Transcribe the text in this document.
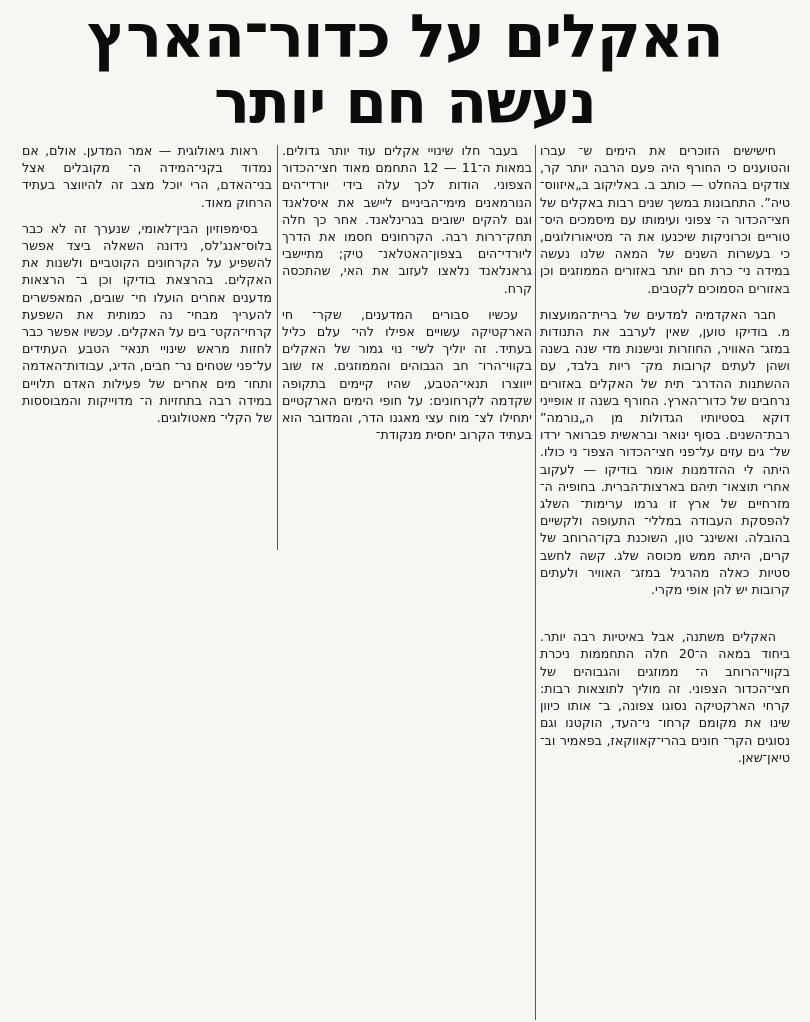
האקלים על כדור־הארץ
נעשה חם יותר

חישישים הזוכרים את הימים ש־ עברו והטוענים כי החורף היה פעם הרבה יותר קר, צודקים בהחלט — כותב ב. באליקוב ב„איזווס־ טיה”. התחבונות במשך שנים רבות באקלים של חצי־הכדור ה־ צפוני ועימותו עם מיסמכים היס־ טוריים וכרוניקות שיכנעו את ה־ מטיאורולוגים, כי בעשרות השנים של המאה שלנו נעשה במידה ני־ כרת חם יותר באזורים הממוזגים וכן באזורים הסמוכים לקטבים.

חבר האקדמיה למדעים של ברית־המועצות מ. בודיקו טוען, שאין לערבב את התנודות במזג־ האוויר, החוזרות ונישנות מדי שנה בשנה ושהן לעתים קרובות מק־ ריות בלבד, עם ההשתנות ההדרג־ תית של האקלים באזורים נרחבים של כדור־הארץ. החורף בשנה זו אופייני דוקא בסטיותיו הגדולות מן ה„נורמה” רבת־השנים. בסוף ינואר ובראשית פברואר ירדו של־ גים עזים על־פני חצי־הכדור הצפו־ ני כולו. היתה לי ההזדמנות אומר בודיקו — לעקוב אחרי תוצאו־ תיהם בארצות־הברית. בחופיה ה־ מזרחיים של ארץ זו גרמו ערימות־ השלג להפסקת העבודה במללי־ התעופה ולקשיים בהובלה. ואשינג־ טון, השוכנת בקו־הרוחב של קרים, היתה ממש מכוסה שלג. קשה לחשב סטיות כאלה מהרגיל במזג־ האוויר ולעתים קרובות יש להן אופי מקרי.

האקלים משתנה, אבל באיטיות רבה יותר. ביחוד במאה ה־20 חלה התחממות ניכרת בקווי־הרוחב ה־ ממוזגים והגבוהים של חצי־הכדור הצפוני. זה מוליך לתוצאות רבות: קרחי הארקטיקה נסוגו צפונה, ב־ אותו כיוון שינו את מקומם קרחו־ ני־העד, הוקטנו וגם נסוגים הקר־ חונים בהרי־קאווקאז, בפאמיר וב־ טיאן־שאן.

בעבר חלו שינויי אקלים עוד יותר גדולים. במאות ה־11 — 12 התחמם מאוד חצי־הכדור הצפוני. הודות לכך עלה בידי יורדי־הים הנורמאנים מימי־הביניים ליישב את איסלאנד וגם להקים ישובים בגרינלאנד. אחר כך חלה תחק־ררות רבה. הקרחונים חסמו את הדרך ליורדי־הים בצפון־האטלאנ־ טיק; מתיישבי גראנלאנד נלאצו לעזוב את האי, שהתכסה קרח.

עכשיו סבורים המדענים, שקר־ חי הארקטיקה עשויים אפילו להי־ עלם כליל בעתיד. זה יוליך לשי־ נוי גמור של האקלים בקווי־הרו־ חב הגבוהים והממוזגים. אז שוב ייווצרו תנאי־הטבע, שהיו קיימים בתקופה שקדמה לקרחונים: על חופי הימים הארקטיים יתחילו לצ־ מוח עצי מאגנו הדר, והמדובר הוא בעתיד הקרוב יחסית מנקודת־

ראות גיאולוגית — אמר המדען. אולם, אם נמדוד בקני־המידה ה־ מקובלים אצל בני־האדם, הרי יוכל מצב זה להיווצר בעתיד הרחוק מאוד.

בסימפוזיון הבין־לאומי, שנערך זה לא כבר בלוס־אנג'לס, נידונה השאלה ביצד אפשר להשפיע על הקרחונים הקוטביים ולשנות את האקלים. בהרצאת בודיקו וכן ב־ הרצאות מדענים אחרים הועלו חי־ שובים, המאפשרים להעריך מבחי־ נה כמותית את השפעת קרחי־הקט־ בים על האקלים. עכשיו אפשר כבר לחזות מראש שינויי תנאי־ הטבע העתידים על־פני שטחים נר־ חבים, הדיג, עבודות־האדמה ותחו־ מים אחרים של פעילות האדם תלויים במידה רבה בתחזיות ה־ מדוייקות והמבוססות של הקלי־ מאטולוגים.
